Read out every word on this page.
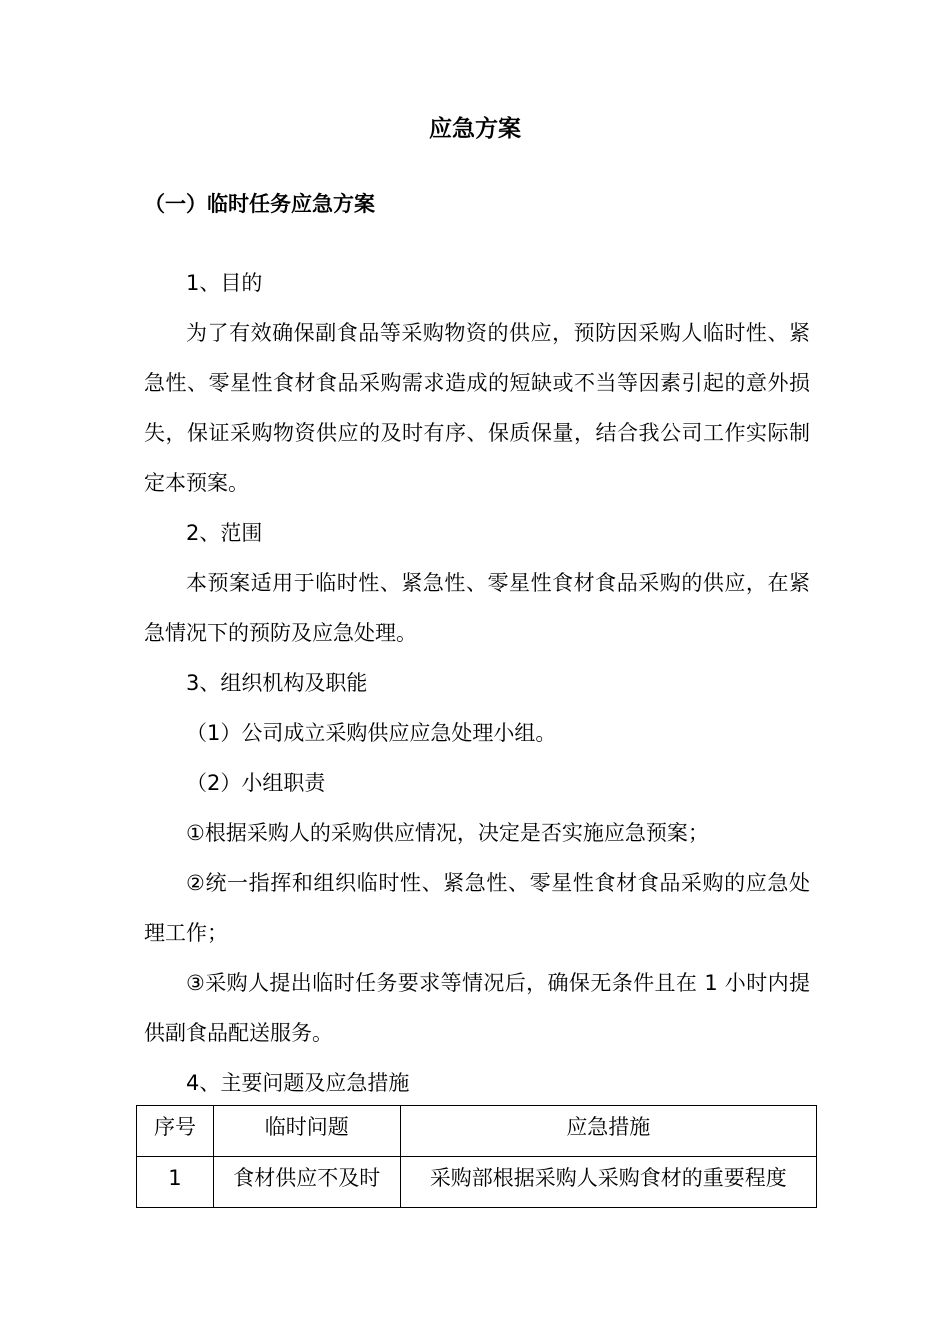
应急方案
（一）临时任务应急方案

1、目的

为了有效确保副食品等采购物资的供应，预防因采购人临时性、紧急性、零星性食材食品采购需求造成的短缺或不当等因素引起的意外损失，保证采购物资供应的及时有序、保质保量，结合我公司工作实际制定本预案。

2、范围

本预案适用于临时性、紧急性、零星性食材食品采购的供应，在紧急情况下的预防及应急处理。

3、组织机构及职能

（1）公司成立采购供应应急处理小组。

（2）小组职责

①根据采购人的采购供应情况，决定是否实施应急预案；

②统一指挥和组织临时性、紧急性、零星性食材食品采购的应急处理工作；

③采购人提出临时任务要求等情况后，确保无条件且在 1 小时内提供副食品配送服务。

4、主要问题及应急措施

序号	临时问题	应急措施
1	食材供应不及时	采购部根据采购人采购食材的重要程度
